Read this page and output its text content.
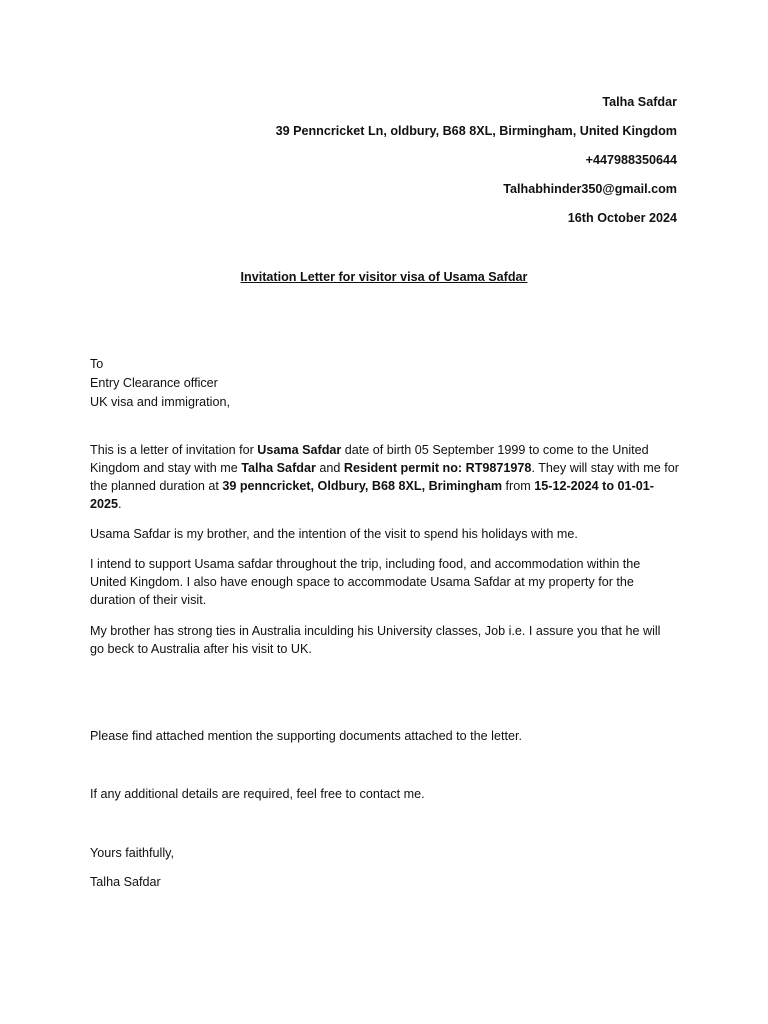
Talha Safdar
39 Penncricket Ln, oldbury, B68 8XL, Birmingham, United Kingdom
+447988350644
Talhabhinder350@gmail.com
16th October 2024
Invitation Letter for visitor visa of Usama Safdar
To
Entry Clearance officer
UK visa and immigration,
This is a letter of invitation for Usama Safdar date of birth 05 September 1999 to come to the United
Kingdom and stay with me Talha Safdar and Resident permit no: RT9871978. They will stay with me for
the planned duration at 39 penncricket, Oldbury, B68 8XL, Brimingham from 15-12-2024 to 01-01-
2025.
Usama Safdar is my brother, and the intention of the visit to spend his holidays with me.
I intend to support Usama safdar throughout the trip, including food, and accommodation within the
United Kingdom. I also have enough space to accommodate Usama Safdar at my property for the
duration of their visit.
My brother has strong ties in Australia inculding his University classes, Job i.e. I assure you that he will
go beck to Australia after his visit to UK.
Please find attached mention the supporting documents attached to the letter.
If any additional details are required, feel free to contact me.
Yours faithfully,
Talha Safdar
